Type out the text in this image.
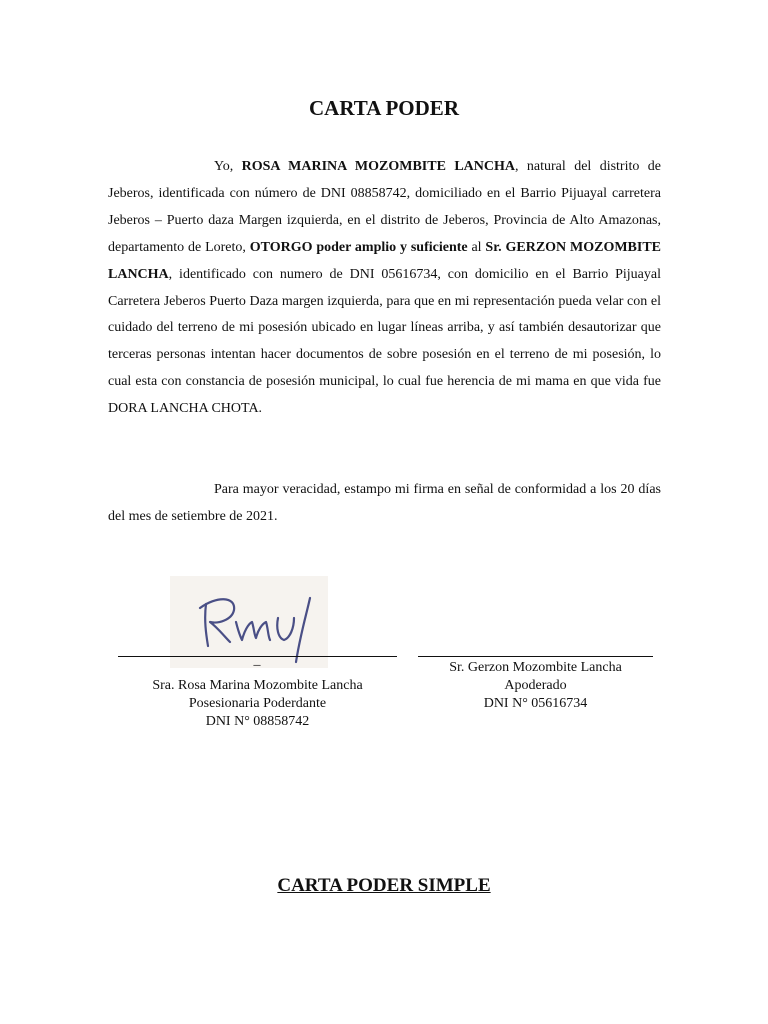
CARTA PODER

Yo, ROSA MARINA MOZOMBITE LANCHA, natural del distrito de Jeberos, identificada con número de DNI 08858742, domiciliado en el Barrio Pijuayal carretera Jeberos – Puerto daza Margen izquierda, en el distrito de Jeberos, Provincia de Alto Amazonas, departamento de Loreto, OTORGO poder amplio y suficiente al Sr. GERZON MOZOMBITE LANCHA, identificado con numero de DNI 05616734, con domicilio en el Barrio Pijuayal Carretera Jeberos Puerto Daza margen izquierda, para que en mi representación pueda velar con el cuidado del terreno de mi posesión ubicado en lugar líneas arriba, y así también desautorizar que terceras personas intentan hacer documentos de sobre posesión en el terreno de mi posesión, lo cual esta con constancia de posesión municipal, lo cual fue herencia de mi mama en que vida fue DORA LANCHA CHOTA.

Para mayor veracidad, estampo mi firma en señal de conformidad a los 20 días del mes de setiembre de 2021.

_
Sra. Rosa Marina Mozombite Lancha
Posesionaria Poderdante
DNI N° 08858742
Sr. Gerzon Mozombite Lancha
Apoderado
DNI N° 05616734
CARTA PODER SIMPLE
